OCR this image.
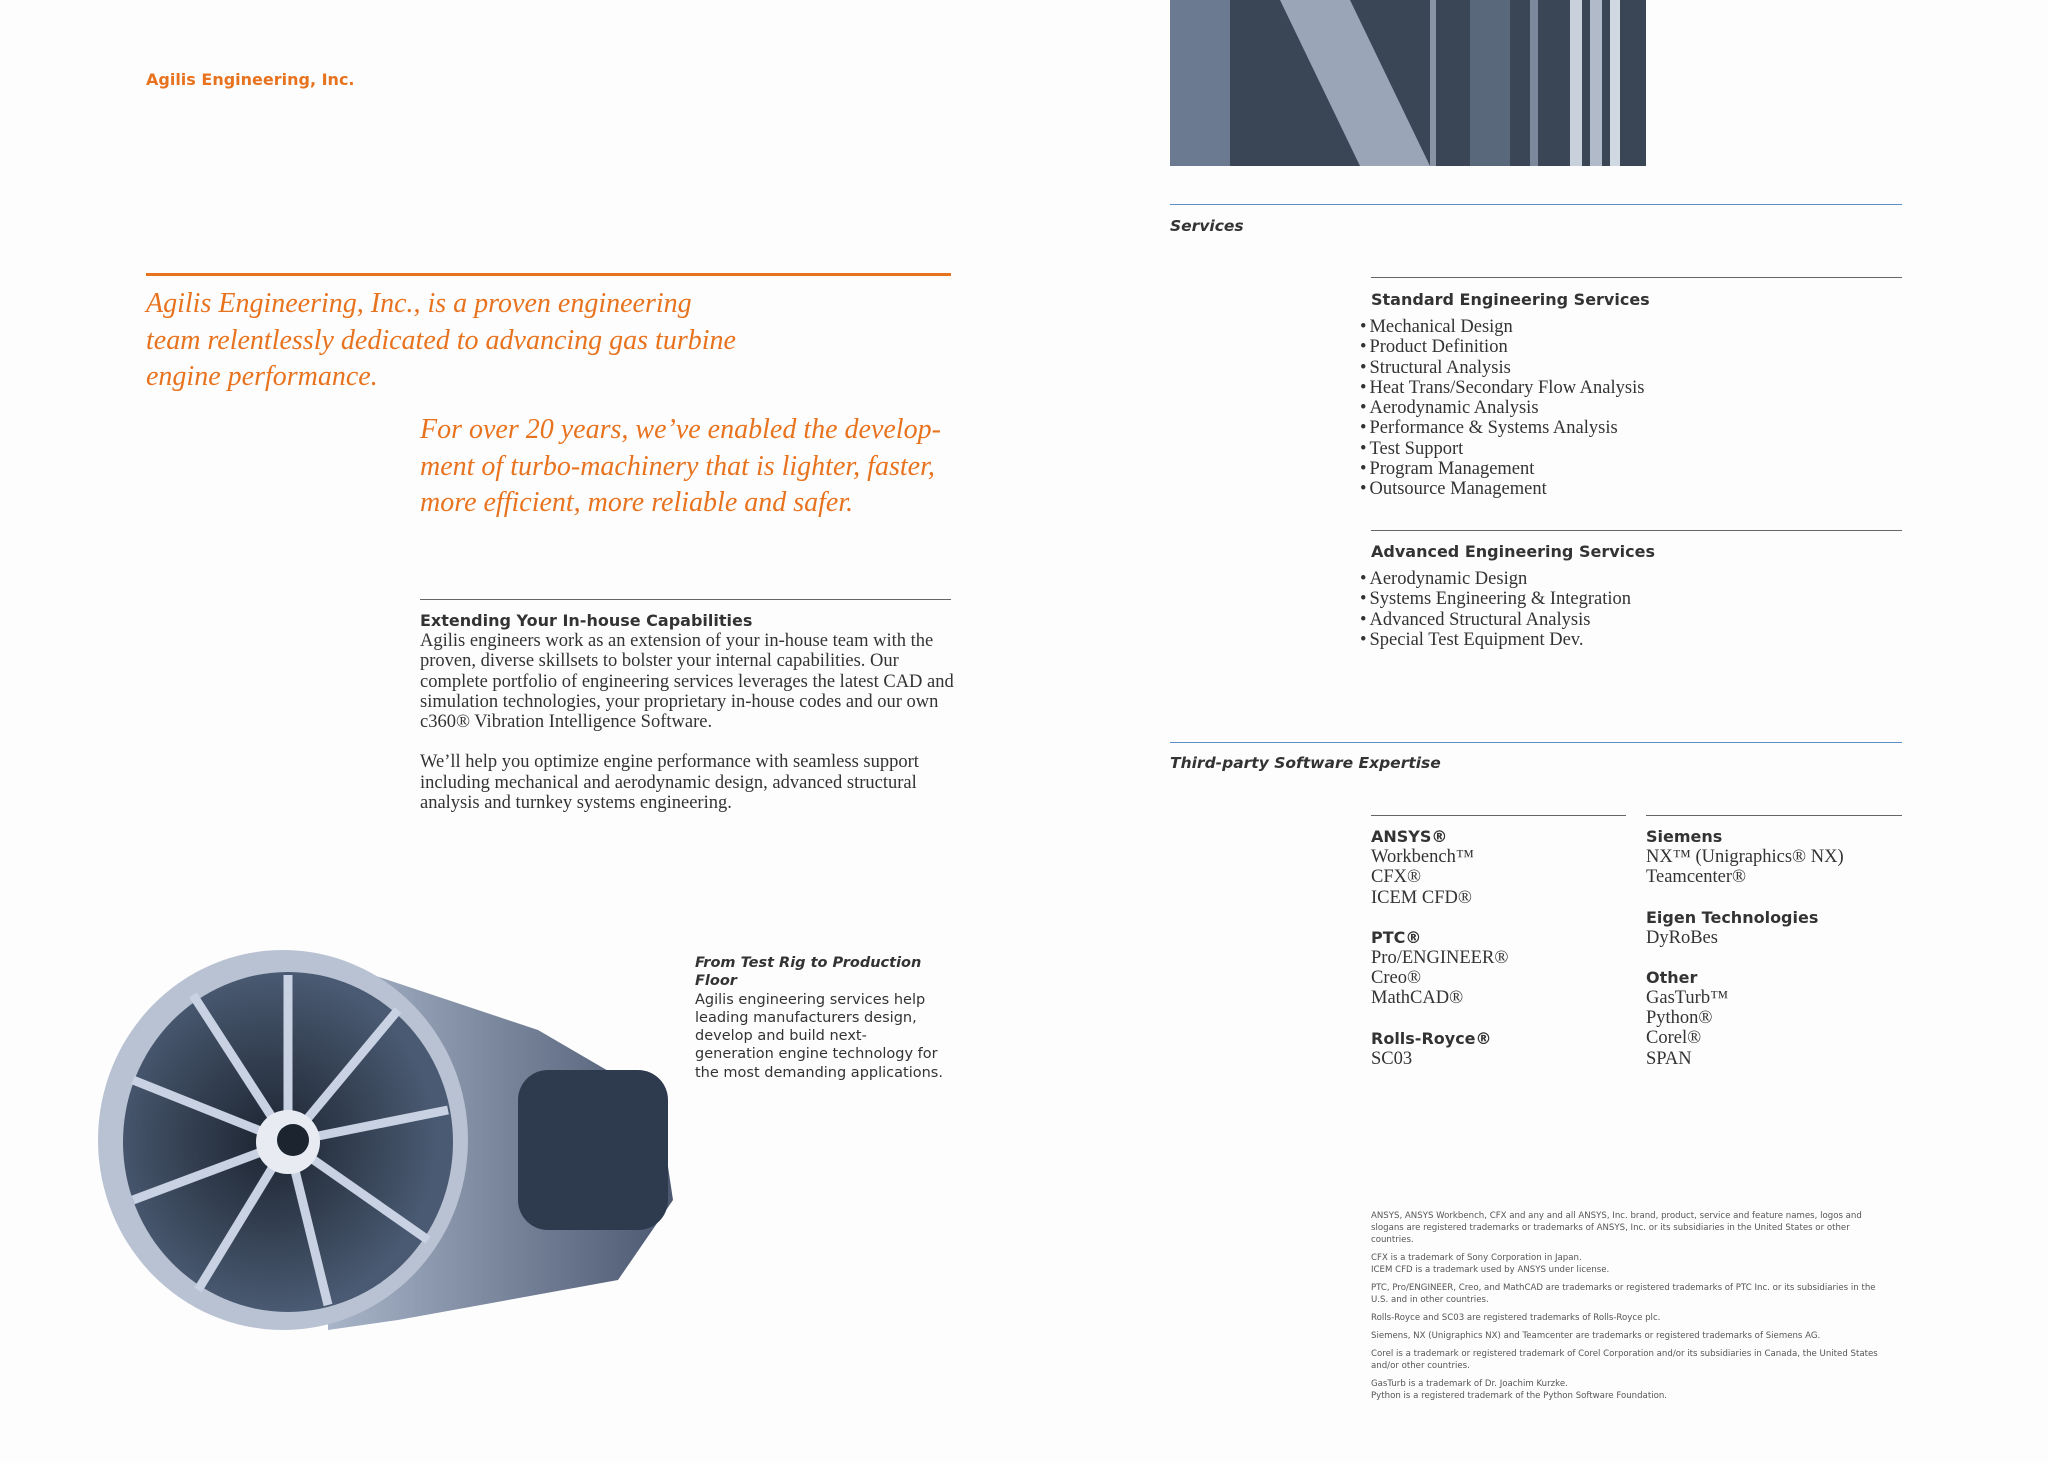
Agilis Engineering, Inc.
Agilis Engineering, Inc., is a proven engineering team relentlessly dedicated to advancing gas turbine engine performance.
For over 20 years, we’ve enabled the develop-ment of turbo-machinery that is lighter, faster, more efficient, more reliable and safer.
Extending Your In-house Capabilities

Agilis engineers work as an extension of your in-house team with the proven, diverse skillsets to bolster your internal capabilities. Our complete portfolio of engineering services leverages the latest CAD and simulation technologies, your proprietary in-house codes and our own c360® Vibration Intelligence Software.

We’ll help you optimize engine performance with seamless support including mechanical and aerodynamic design, advanced structural analysis and turnkey systems engineering.

From Test Rig to Production Floor
Agilis engineering services help leading manufacturers design, develop and build next-generation engine technology for the most demanding applications.
Services
Standard Engineering Services
• Mechanical Design
• Product Definition
• Structural Analysis
• Heat Trans/Secondary Flow Analysis
• Aerodynamic Analysis
• Performance & Systems Analysis
• Test Support
• Program Management
• Outsource Management
Advanced Engineering Services
• Aerodynamic Design
• Systems Engineering & Integration
• Advanced Structural Analysis
• Special Test Equipment Dev.
Third-party Software Expertise
ANSYS®
Workbench™
CFX®
ICEM CFD®
PTC®
Pro/ENGINEER®
Creo®
MathCAD®
Rolls-Royce®
SC03
Siemens
NX™ (Unigraphics® NX)
Teamcenter®
Eigen Technologies
DyRoBes
Other
GasTurb™
Python®
Corel®
SPAN

ANSYS, ANSYS Workbench, CFX and any and all ANSYS, Inc. brand, product, service and feature names, logos and slogans are registered trademarks or trademarks of ANSYS, Inc. or its subsidiaries in the United States or other countries.

CFX is a trademark of Sony Corporation in Japan.
ICEM CFD is a trademark used by ANSYS under license.

PTC, Pro/ENGINEER, Creo, and MathCAD are trademarks or registered trademarks of PTC Inc. or its subsidiaries in the U.S. and in other countries.

Rolls-Royce and SC03 are registered trademarks of Rolls-Royce plc.

Siemens, NX (Unigraphics NX) and Teamcenter are trademarks or registered trademarks of Siemens AG.

Corel is a trademark or registered trademark of Corel Corporation and/or its subsidiaries in Canada, the United States and/or other countries.

GasTurb is a trademark of Dr. Joachim Kurzke.
Python is a registered trademark of the Python Software Foundation.
